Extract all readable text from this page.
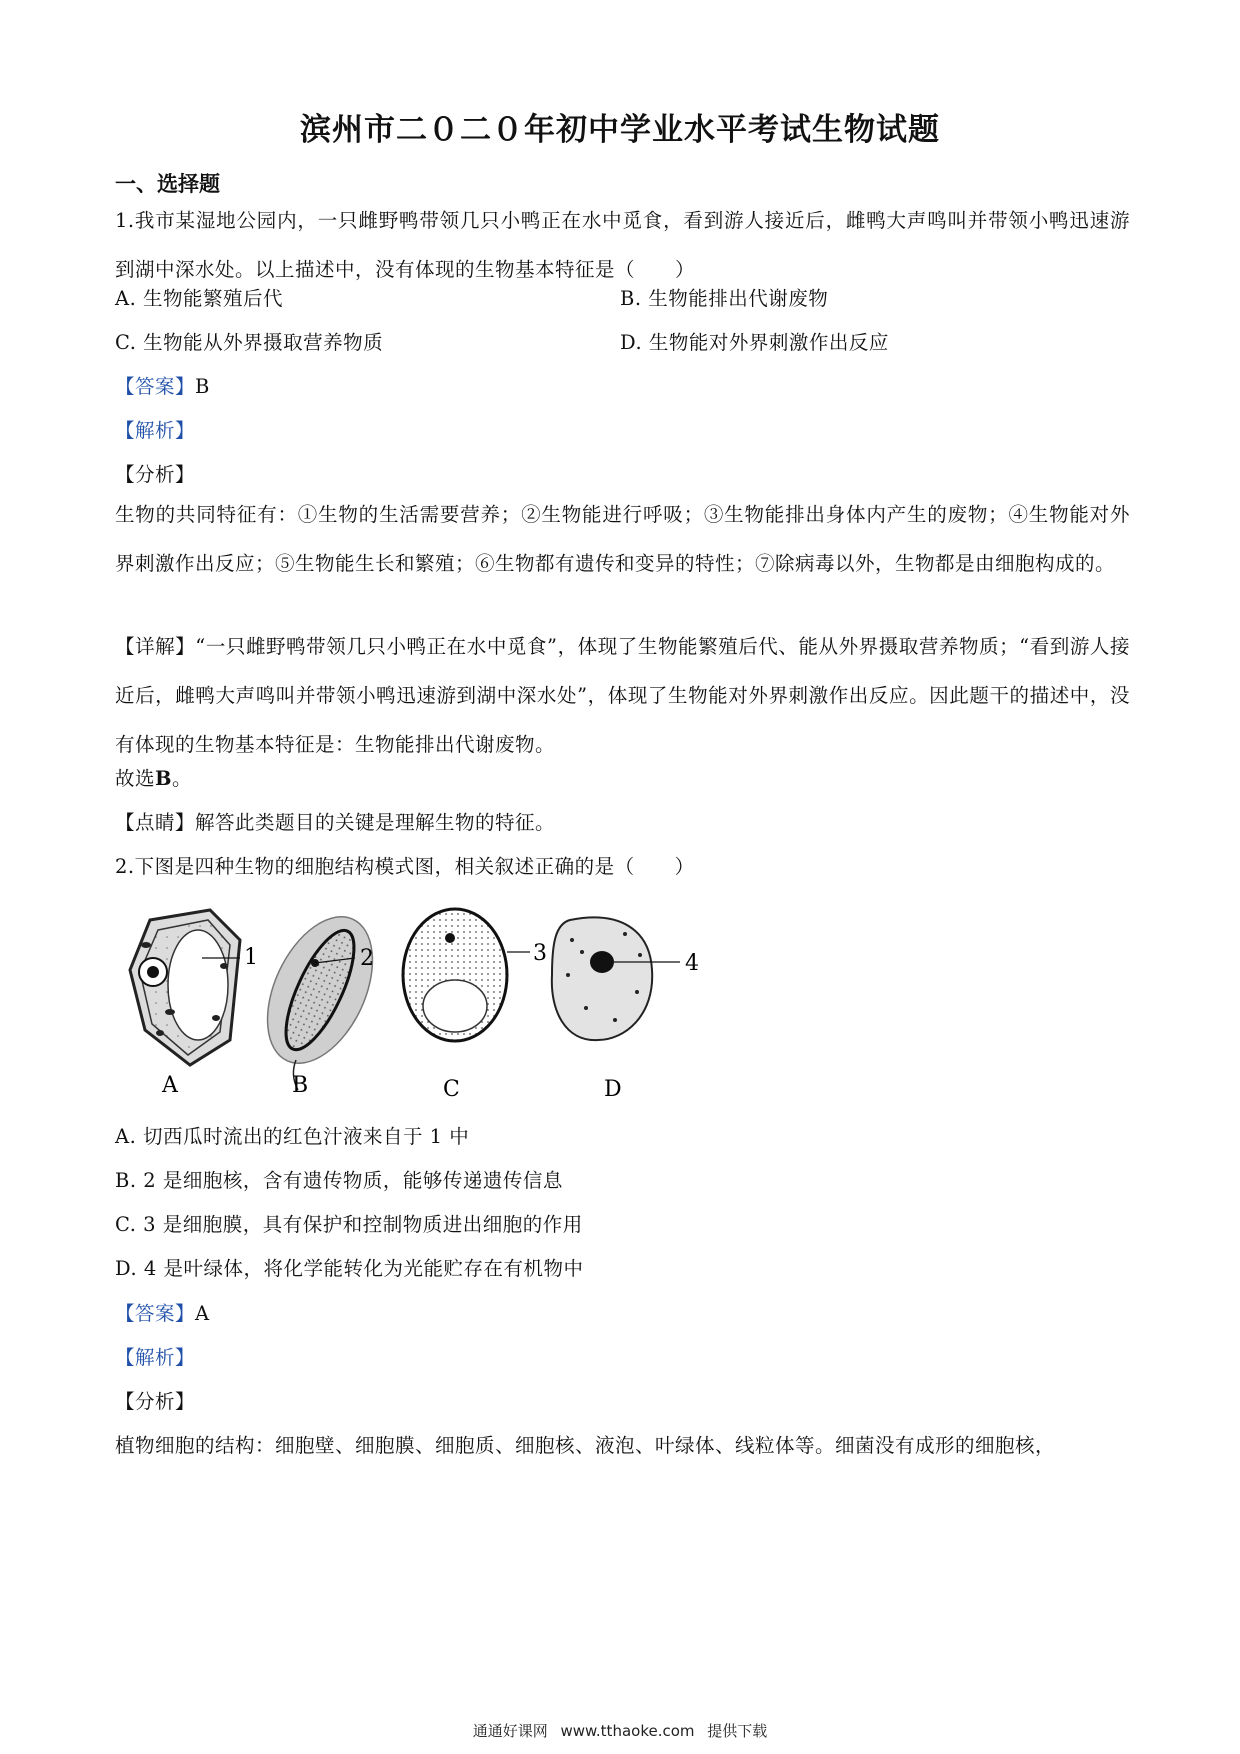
滨州市二０二０年初中学业水平考试生物试题
一、选择题
1.我市某湿地公园内，一只雌野鸭带领几只小鸭正在水中觅食，看到游人接近后，雌鸭大声鸣叫并带领小鸭迅速游到湖中深水处。以上描述中，没有体现的生物基本特征是（　　）
A. 生物能繁殖后代	B. 生物能排出代谢废物
C. 生物能从外界摄取营养物质	D. 生物能对外界刺激作出反应
【答案】B
【解析】
【分析】
生物的共同特征有：①生物的生活需要营养；②生物能进行呼吸；③生物能排出身体内产生的废物；④生物能对外界刺激作出反应；⑤生物能生长和繁殖；⑥生物都有遗传和变异的特性；⑦除病毒以外，生物都是由细胞构成的。
【详解】“一只雌野鸭带领几只小鸭正在水中觅食”，体现了生物能繁殖后代、能从外界摄取营养物质；“看到游人接近后，雌鸭大声鸣叫并带领小鸭迅速游到湖中深水处”，体现了生物能对外界刺激作出反应。因此题干的描述中，没有体现的生物基本特征是：生物能排出代谢废物。
故选B。
【点睛】解答此类题目的关键是理解生物的特征。
2.下图是四种生物的细胞结构模式图，相关叙述正确的是（　　）
1	2	3	4
A	B	C	D
A. 切西瓜时流出的红色汁液来自于 1 中
B. 2 是细胞核，含有遗传物质，能够传递遗传信息
C. 3 是细胞膜，具有保护和控制物质进出细胞的作用
D. 4 是叶绿体，将化学能转化为光能贮存在有机物中
【答案】A
【解析】
【分析】
植物细胞的结构：细胞壁、细胞膜、细胞质、细胞核、液泡、叶绿体、线粒体等。细菌没有成形的细胞核，
通通好课网 www.tthaoke.com 提供下载
